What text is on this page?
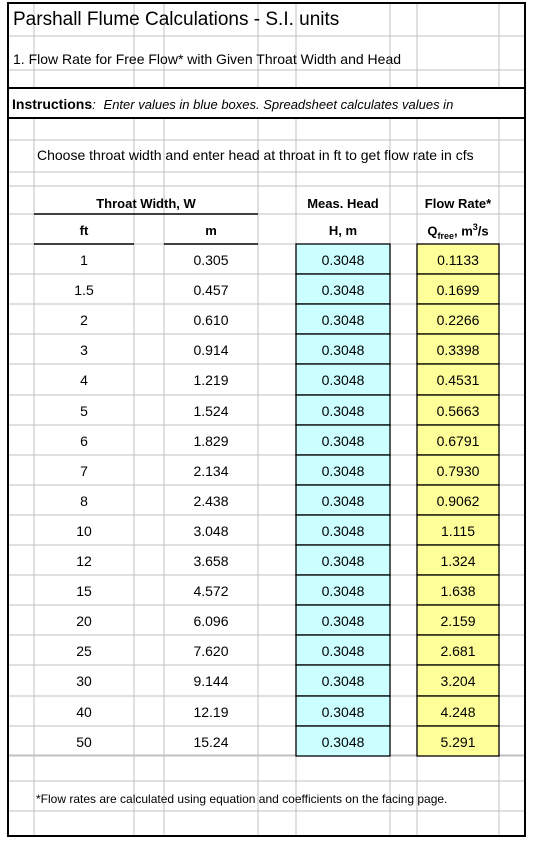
Parshall Flume Calculations - S.I. units
1. Flow Rate for Free Flow* with Given Throat Width and Head
Instructions: Enter values in blue boxes. Spreadsheet calculates values in
Choose throat width and enter head at throat in ft to get flow rate in cfs
Throat Width, W
ft	m
Meas. Head
H, m
Flow Rate*
$Q_{free}$, $m^3/s$
1	0.305	0.3048	0.1133
1.5	0.457	0.3048	0.1699
2	0.610	0.3048	0.2266
3	0.914	0.3048	0.3398
4	1.219	0.3048	0.4531
5	1.524	0.3048	0.5663
6	1.829	0.3048	0.6791
7	2.134	0.3048	0.7930
8	2.438	0.3048	0.9062
10	3.048	0.3048	1.115
12	3.658	0.3048	1.324
15	4.572	0.3048	1.638
20	6.096	0.3048	2.159
25	7.620	0.3048	2.681
30	9.144	0.3048	3.204
40	12.19	0.3048	4.248
50	15.24	0.3048	5.291
*Flow rates are calculated using equation and coefficients on the facing page.
